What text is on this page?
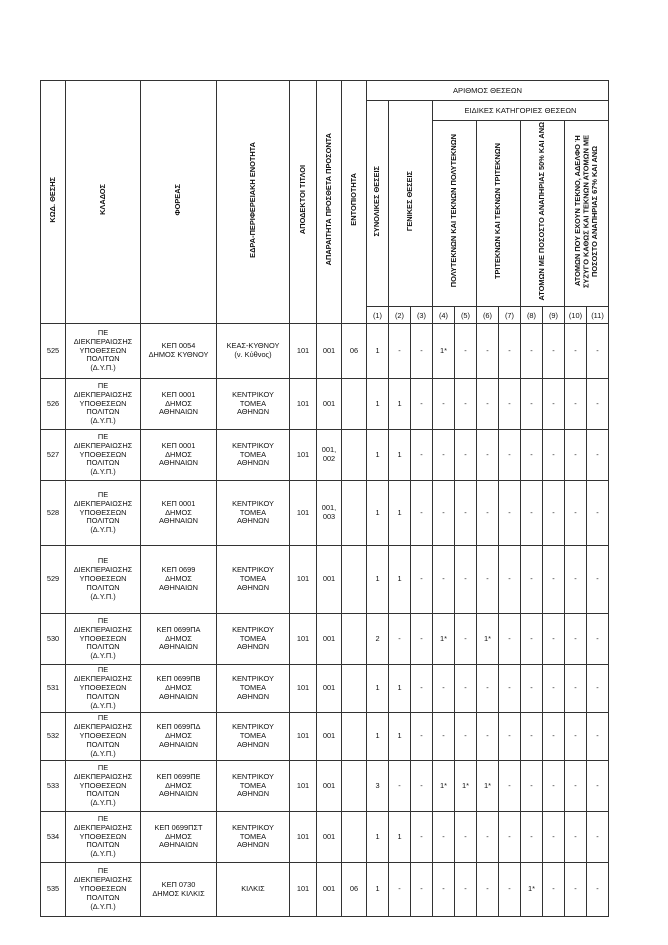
ΚΩΔ. ΘΕΣΗΣ	ΚΛΑΔΟΣ	ΦΟΡΕΑΣ	ΕΔΡΑ-ΠΕΡΙΦΕΡΕΙΑΚΗ ΕΝΟΤΗΤΑ	ΑΠΟΔΕΚΤΟΙ ΤΙΤΛΟΙ	ΑΠΑΡΑΙΤΗΤΑ ΠΡΟΣΘΕΤΑ ΠΡΟΣΟΝΤΑ	ΕΝΤΟΠΙΟΤΗΤΑ	ΑΡΙΘΜΟΣ ΘΕΣΕΩΝ										
							ΣΥΝΟΛΙΚΕΣ ΘΕΣΕΙΣ	ΓΕΝΙΚΕΣ ΘΕΣΕΙΣ		ΕΙΔΙΚΕΣ ΚΑΤΗΓΟΡΙΕΣ ΘΕΣΕΩΝ							
										ΠΟΛΥΤΕΚΝΩΝ ΚΑΙ ΤΕΚΝΩΝ ΠΟΛΥΤΕΚΝΩΝ		ΤΡΙΤΕΚΝΩΝ ΚΑΙ ΤΕΚΝΩΝ ΤΡΙΤΕΚΝΩΝ		ΑΤΟΜΩΝ ΜΕ ΠΟΣΟΣΤΟ ΑΝΑΠΗΡΙΑΣ 50% ΚΑΙ ΑΝΩ		ΑΤΟΜΩΝ ΠΟΥ ΕΧΟΥΝ ΤΕΚΝΟ, ΑΔΕΛΦΟ Ή ΣΥΖΥΓΟ ΚΑΘΩΣ ΚΑΙ ΤΕΚΝΩΝ ΑΤΟΜΩΝ ΜΕ ΠΟΣΟΣΤΟ ΑΝΑΠΗΡΙΑΣ 67% ΚΑΙ ΑΝΩ	
							(1)	(2)	(3)	(4)	(5)	(6)	(7)	(8)	(9)	(10)	(11)
525	ΠΕ
ΔΙΕΚΠΕΡΑΙΩΣΗΣ
ΥΠΟΘΕΣΕΩΝ
ΠΟΛΙΤΩΝ
(Δ.Υ.Π.)	ΚΕΠ 0054
ΔΗΜΟΣ ΚΥΘΝΟΥ	ΚΕΑΣ-ΚΥΘΝΟΥ
(ν. Κύθνος)	101	001	06	1	-	-	1*	-	-	-	-	-	-	-
526	ΠΕ
ΔΙΕΚΠΕΡΑΙΩΣΗΣ
ΥΠΟΘΕΣΕΩΝ
ΠΟΛΙΤΩΝ
(Δ.Υ.Π.)	ΚΕΠ 0001
ΔΗΜΟΣ
ΑΘΗΝΑΙΩΝ	ΚΕΝΤΡΙΚΟΥ
ΤΟΜΕΑ
ΑΘΗΝΩΝ	101	001		1	1	-	-	-	-	-	-	-	-	-
527	ΠΕ
ΔΙΕΚΠΕΡΑΙΩΣΗΣ
ΥΠΟΘΕΣΕΩΝ
ΠΟΛΙΤΩΝ
(Δ.Υ.Π.)	ΚΕΠ 0001
ΔΗΜΟΣ
ΑΘΗΝΑΙΩΝ	ΚΕΝΤΡΙΚΟΥ
ΤΟΜΕΑ
ΑΘΗΝΩΝ	101	001,
002		1	1	-	-	-	-	-	-	-	-	-
528	ΠΕ
ΔΙΕΚΠΕΡΑΙΩΣΗΣ
ΥΠΟΘΕΣΕΩΝ
ΠΟΛΙΤΩΝ
(Δ.Υ.Π.)	ΚΕΠ 0001
ΔΗΜΟΣ
ΑΘΗΝΑΙΩΝ	ΚΕΝΤΡΙΚΟΥ
ΤΟΜΕΑ
ΑΘΗΝΩΝ	101	001,
003		1	1	-	-	-	-	-	-	-	-	-
529	ΠΕ
ΔΙΕΚΠΕΡΑΙΩΣΗΣ
ΥΠΟΘΕΣΕΩΝ
ΠΟΛΙΤΩΝ
(Δ.Υ.Π.)	ΚΕΠ 0699
ΔΗΜΟΣ
ΑΘΗΝΑΙΩΝ	ΚΕΝΤΡΙΚΟΥ
ΤΟΜΕΑ
ΑΘΗΝΩΝ	101	001		1	1	-	-	-	-	-	-	-	-	-
530	ΠΕ
ΔΙΕΚΠΕΡΑΙΩΣΗΣ
ΥΠΟΘΕΣΕΩΝ
ΠΟΛΙΤΩΝ
(Δ.Υ.Π.)	ΚΕΠ 0699ΠΑ
ΔΗΜΟΣ
ΑΘΗΝΑΙΩΝ	ΚΕΝΤΡΙΚΟΥ
ΤΟΜΕΑ
ΑΘΗΝΩΝ	101	001		2	-	-	1*	-	1*	-	-	-	-	-
531	ΠΕ
ΔΙΕΚΠΕΡΑΙΩΣΗΣ
ΥΠΟΘΕΣΕΩΝ
ΠΟΛΙΤΩΝ
(Δ.Υ.Π.)	ΚΕΠ 0699ΠΒ
ΔΗΜΟΣ
ΑΘΗΝΑΙΩΝ	ΚΕΝΤΡΙΚΟΥ
ΤΟΜΕΑ
ΑΘΗΝΩΝ	101	001		1	1	-	-	-	-	-	-	-	-	-
532	ΠΕ
ΔΙΕΚΠΕΡΑΙΩΣΗΣ
ΥΠΟΘΕΣΕΩΝ
ΠΟΛΙΤΩΝ
(Δ.Υ.Π.)	ΚΕΠ 0699ΠΔ
ΔΗΜΟΣ
ΑΘΗΝΑΙΩΝ	ΚΕΝΤΡΙΚΟΥ
ΤΟΜΕΑ
ΑΘΗΝΩΝ	101	001		1	1	-	-	-	-	-	-	-	-	-
533	ΠΕ
ΔΙΕΚΠΕΡΑΙΩΣΗΣ
ΥΠΟΘΕΣΕΩΝ
ΠΟΛΙΤΩΝ
(Δ.Υ.Π.)	ΚΕΠ 0699ΠΕ
ΔΗΜΟΣ
ΑΘΗΝΑΙΩΝ	ΚΕΝΤΡΙΚΟΥ
ΤΟΜΕΑ
ΑΘΗΝΩΝ	101	001		3	-	-	1*	1*	1*	-	-	-	-	-
534	ΠΕ
ΔΙΕΚΠΕΡΑΙΩΣΗΣ
ΥΠΟΘΕΣΕΩΝ
ΠΟΛΙΤΩΝ
(Δ.Υ.Π.)	ΚΕΠ 0699ΠΣΤ
ΔΗΜΟΣ
ΑΘΗΝΑΙΩΝ	ΚΕΝΤΡΙΚΟΥ
ΤΟΜΕΑ
ΑΘΗΝΩΝ	101	001		1	1	-	-	-	-	-	-	-	-	-
535	ΠΕ
ΔΙΕΚΠΕΡΑΙΩΣΗΣ
ΥΠΟΘΕΣΕΩΝ
ΠΟΛΙΤΩΝ
(Δ.Υ.Π.)	ΚΕΠ 0730
ΔΗΜΟΣ ΚΙΛΚΙΣ	ΚΙΛΚΙΣ	101	001	06	1	-	-	-	-	-	-	1*	-	-	-
